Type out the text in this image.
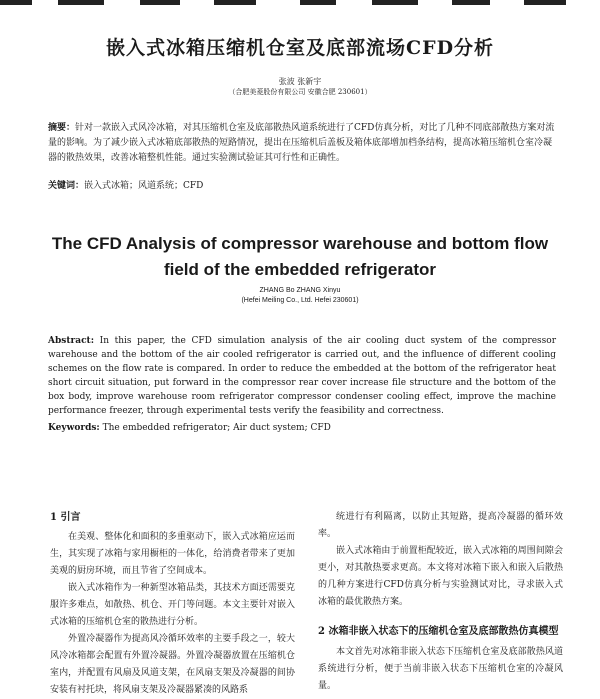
嵌入式冰箱压缩机仓室及底部流场CFD分析
张波 张新宇
（合肥美菱股份有限公司 安徽合肥 230601）
摘要：针对一款嵌入式风冷冰箱，对其压缩机仓室及底部散热风道系统进行了CFD仿真分析，对比了几种不同底部散热方案对流量的影响。为了减少嵌入式冰箱底部散热的短路情况，提出在压缩机后盖板及箱体底部增加档条结构，提高冰箱压缩机仓室冷凝器的散热效果，改善冰箱整机性能。通过实验测试验证其可行性和正确性。
关键词：嵌入式冰箱；风道系统；CFD
The CFD Analysis of compressor warehouse and bottom flow
field of the embedded refrigerator
ZHANG Bo ZHANG Xinyu
(Hefei Meiling Co., Ltd. Hefei 230601)
Abstract: In this paper, the CFD simulation analysis of the air cooling duct system of the compressor warehouse and the bottom of the air cooled refrigerator is carried out, and the influence of different cooling schemes on the flow rate is compared. In order to reduce the embedded at the bottom of the refrigerator heat short circuit situation, put forward in the compressor rear cover increase file structure and the bottom of the box body, improve warehouse room refrigerator compressor condenser cooling effect, improve the machine performance freezer, through experimental tests verify the feasibility and correctness.
Keywords: The embedded refrigerator; Air duct system; CFD
1 引言

在美观、整体化和面积的多重驱动下，嵌入式冰箱应运而生，其实现了冰箱与家用橱柜的一体化，给消费者带来了更加美观的厨房环境，而且节省了空间成本。

嵌入式冰箱作为一种新型冰箱品类，其技术方面还需要克服许多难点，如散热、机仓、开门等问题。本文主要针对嵌入式冰箱的压缩机仓室的散热进行分析。

外置冷凝器作为提高风冷循环效率的主要手段之一，较大风冷冰箱都会配置有外置冷凝器。外置冷凝器放置在压缩机仓室内，并配置有风扇及风道支架，在风扇支架及冷凝器的间协安装有衬托块，将风扇支架及冷凝器紧凑的风路系

统进行有利隔离，以防止其短路，提高冷凝器的循环效率。

嵌入式冰箱由于前置柜配较近，嵌入式冰箱的周围间隙会更小，对其散热要求更高。本文将对冰箱下嵌入和嵌入后散热的几种方案进行CFD仿真分析与实验测试对比，寻求嵌入式冰箱的最优散热方案。

2 冰箱非嵌入状态下的压缩机仓室及底部散热仿真模型

本文首先对冰箱非嵌入状态下压缩机仓室及底部散热风道系统进行分析，便于当前非嵌入状态下压缩机仓室的冷凝风量。
